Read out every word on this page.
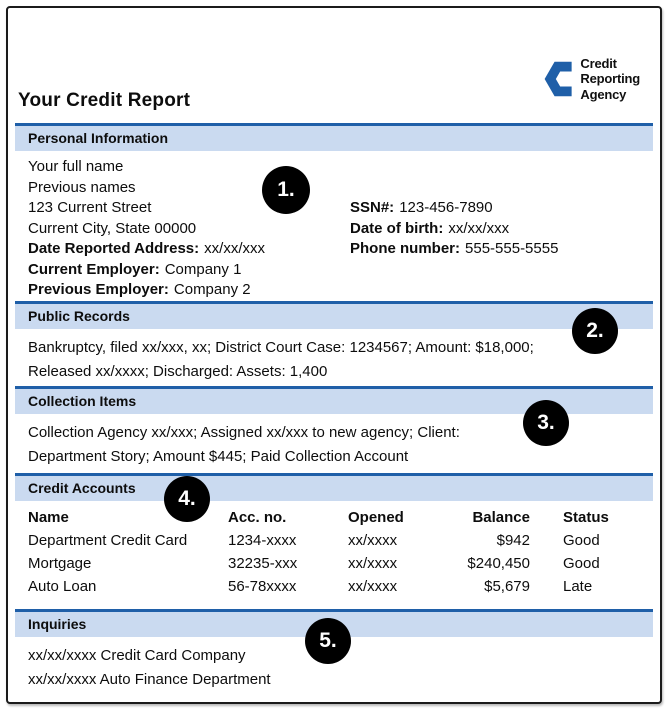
Credit
Reporting
Agency
Your Credit Report
Personal Information
Your full name
Previous names
123 Current Street
Current City, State 00000
Date Reported Address: xx/xx/xxx
Current Employer: Company 1
Previous Employer: Company 2
SSN#: 123-456-7890
Date of birth: xx/xx/xxx
Phone number: 555-555-5555
Public Records
Bankruptcy, filed xx/xxx, xx; District Court Case: 1234567; Amount: $18,000;
Released xx/xxxx; Discharged: Assets: 1,400
Collection Items
Collection Agency xx/xxx; Assigned xx/xxx to new agency; Client:
Department Story; Amount $445; Paid Collection Account
Credit Accounts
Name	Acc. no.	Opened	Balance	Status
Department Credit Card	1234-xxxx	xx/xxxx	$942	Good
Mortgage	32235-xxx	xx/xxxx	$240,450	Good
Auto Loan	56-78xxxx	xx/xxxx	$5,679	Late
Inquiries
xx/xx/xxxx Credit Card Company
xx/xx/xxxx Auto Finance Department
1.
2.
3.
4.
5.
